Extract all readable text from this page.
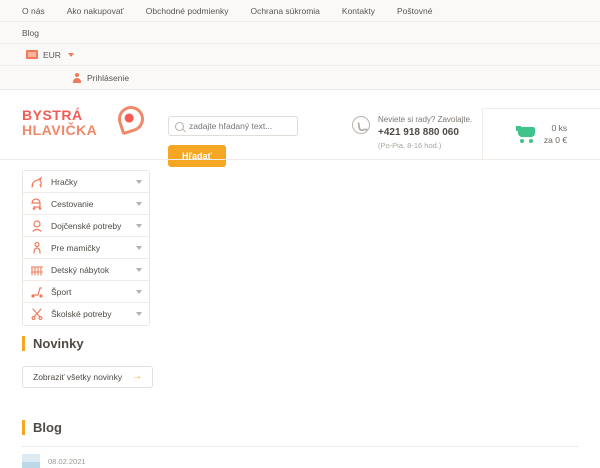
O nás	Ako nakupovať	Obchodné podmienky	Ochrana súkromia	Kontakty	Poštovné
Blog
EUR
Prihlásenie
BYSTRÁ
HLAVIČKA
zadajte hľadaný text...
Hľadať
Neviete si rady? Zavolajte.
+421 918 880 060
(Po-Pia, 8-16 hod.)
0 ks
za 0 €
Hračky
Cestovanie
Dojčenské potreby
Pre mamičky
Detský nábytok
Šport
Školské potreby
Novinky
Zobraziť všetky novinky →
Blog
08.02.2021
